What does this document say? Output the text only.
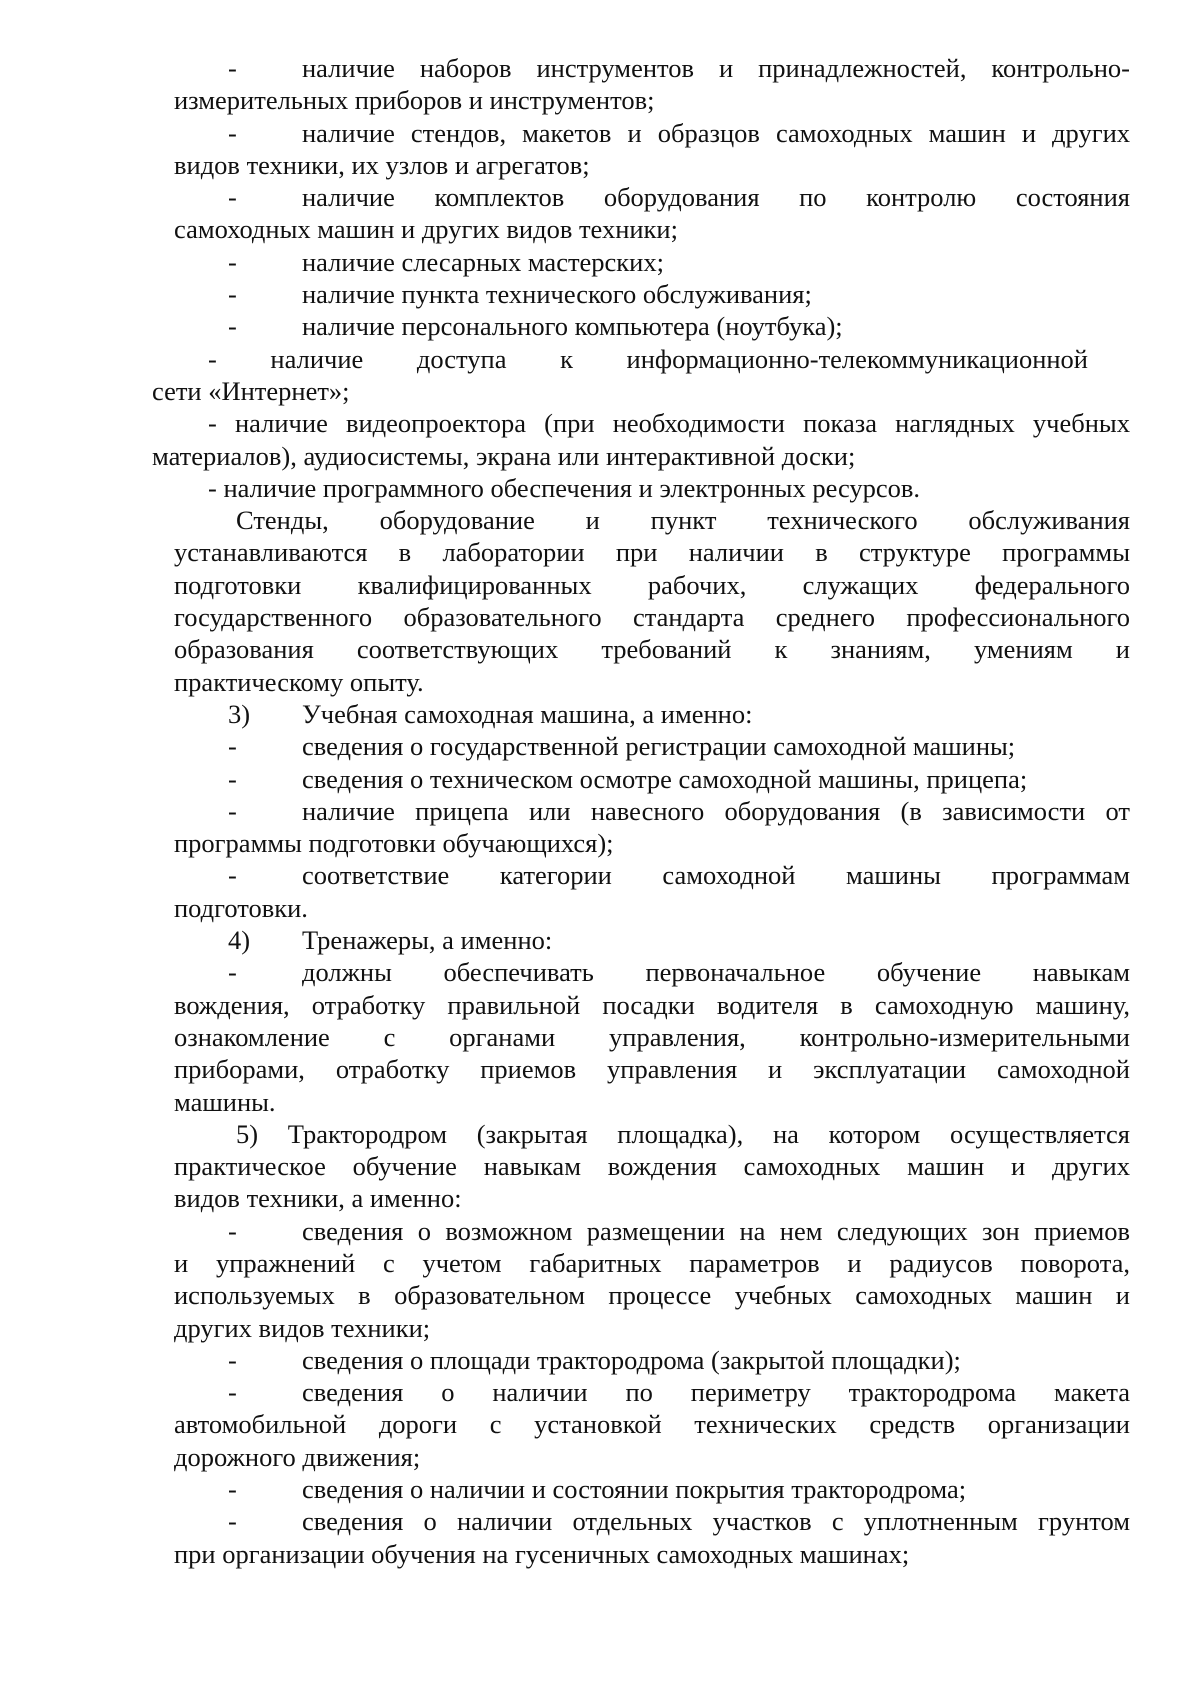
- наличие наборов инструментов и принадлежностей, контрольно-
измерительных приборов и инструментов;
- наличие стендов, макетов и образцов самоходных машин и других
видов техники, их узлов и агрегатов;
- наличие комплектов оборудования по контролю состояния
самоходных машин и других видов техники;
- наличие слесарных мастерских;
- наличие пункта технического обслуживания;
- наличие персонального компьютера (ноутбука);
- наличие доступа к информационно-телекоммуникационной
сети «Интернет»;
- наличие видеопроектора (при необходимости показа наглядных учебных
материалов), аудиосистемы, экрана или интерактивной доски;
- наличие программного обеспечения и электронных ресурсов.
Стенды, оборудование и пункт технического обслуживания
устанавливаются в лаборатории при наличии в структуре программы
подготовки квалифицированных рабочих, служащих федерального
государственного образовательного стандарта среднего профессионального
образования соответствующих требований к знаниям, умениям и
практическому опыту.
3) Учебная самоходная машина, а именно:
- сведения о государственной регистрации самоходной машины;
- сведения о техническом осмотре самоходной машины, прицепа;
- наличие прицепа или навесного оборудования (в зависимости от
программы подготовки обучающихся);
- соответствие категории самоходной машины программам
подготовки.
4) Тренажеры, а именно:
- должны обеспечивать первоначальное обучение навыкам
вождения, отработку правильной посадки водителя в самоходную машину,
ознакомление с органами управления, контрольно-измерительными
приборами, отработку приемов управления и эксплуатации самоходной
машины.
5) Трактородром (закрытая площадка), на котором осуществляется
практическое обучение навыкам вождения самоходных машин и других
видов техники, а именно:
- сведения о возможном размещении на нем следующих зон приемов
и упражнений с учетом габаритных параметров и радиусов поворота,
используемых в образовательном процессе учебных самоходных машин и
других видов техники;
- сведения о площади трактородрома (закрытой площадки);
- сведения о наличии по периметру трактородрома макета
автомобильной дороги с установкой технических средств организации
дорожного движения;
- сведения о наличии и состоянии покрытия трактородрома;
- сведения о наличии отдельных участков с уплотненным грунтом
при организации обучения на гусеничных самоходных машинах;
